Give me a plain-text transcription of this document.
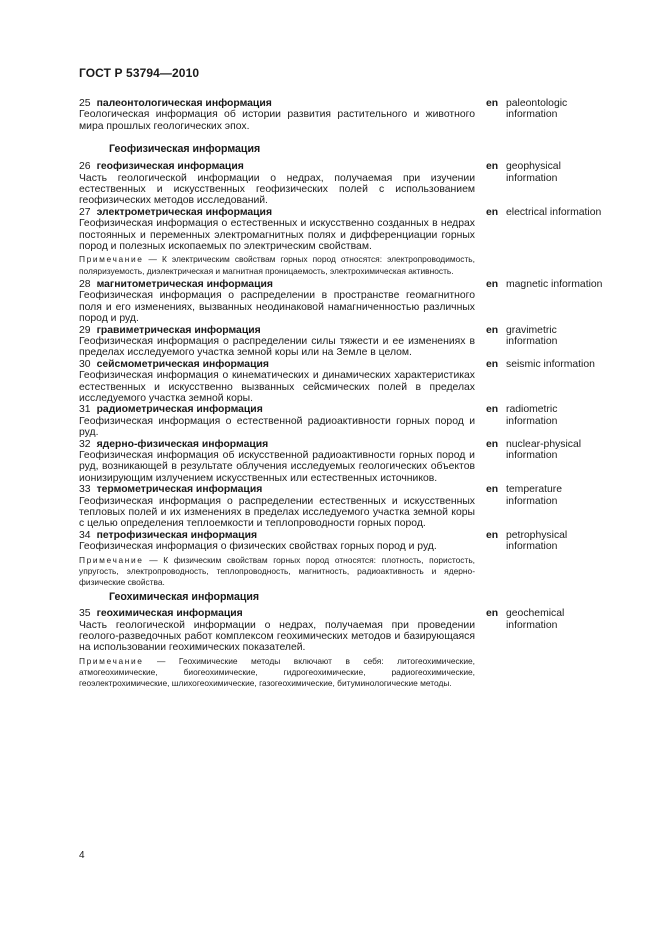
ГОСТ Р 53794—2010
25 палеонтологическая информация
Геологическая информация об истории развития растительного и животного мира прошлых геологических эпох.
en paleontologic
information
Геофизическая информация
26 геофизическая информация
Часть геологической информации о недрах, получаемая при изучении естественных и искусственных геофизических полей с использованием геофизических методов исследований.
en geophysical
information
27 электрометрическая информация
Геофизическая информация о естественных и искусственно созданных в недрах постоянных и переменных электромагнитных полях и дифференциации горных пород и полезных ископаемых по электрическим свойствам.
en electrical information
Примечание — К электрическим свойствам горных пород относятся: электропроводимость, поляризуемость, диэлектрическая и магнитная проницаемость, электрохимическая активность.
28 магнитометрическая информация
Геофизическая информация о распределении в пространстве геомагнитного поля и его изменениях, вызванных неодинаковой намагниченностью различных пород и руд.
en magnetic information
29 гравиметрическая информация
Геофизическая информация о распределении силы тяжести и ее изменениях в пределах исследуемого участка земной коры или на Земле в целом.
en gravimetric
information
30 сейсмометрическая информация
Геофизическая информация о кинематических и динамических характеристиках естественных и искусственно вызванных сейсмических полей в пределах исследуемого участка земной коры.
en seismic information
31 радиометрическая информация
Геофизическая информация о естественной радиоактивности горных пород и руд.
en radiometric
information
32 ядерно-физическая информация
Геофизическая информация об искусственной радиоактивности горных пород и руд, возникающей в результате облучения исследуемых геологических объектов ионизирующим излучением искусственных или естественных источников.
en nuclear-physical
information
33 термометрическая информация
Геофизическая информация о распределении естественных и искусственных тепловых полей и их изменениях в пределах исследуемого участка земной коры с целью определения теплоемкости и теплопроводности горных пород.
en temperature
information
34 петрофизическая информация
Геофизическая информация о физических свойствах горных пород и руд.
en petrophysical
information
Примечание — К физическим свойствам горных пород относятся: плотность, пористость, упругость, электропроводность, теплопроводность, магнитность, радиоактивность и ядерно-физические свойства.
Геохимическая информация
35 геохимическая информация
Часть геологической информации о недрах, получаемая при проведении геолого-разведочных работ комплексом геохимических методов и базирующаяся на использовании геохимических показателей.
en geochemical
information
Примечание — Геохимические методы включают в себя: литогеохимические, атмогеохимические, биогеохимические, гидрогеохимические, радиогеохимические, геоэлектрохимические, шлихогеохимические, газогеохимические, битуминологические методы.
4
